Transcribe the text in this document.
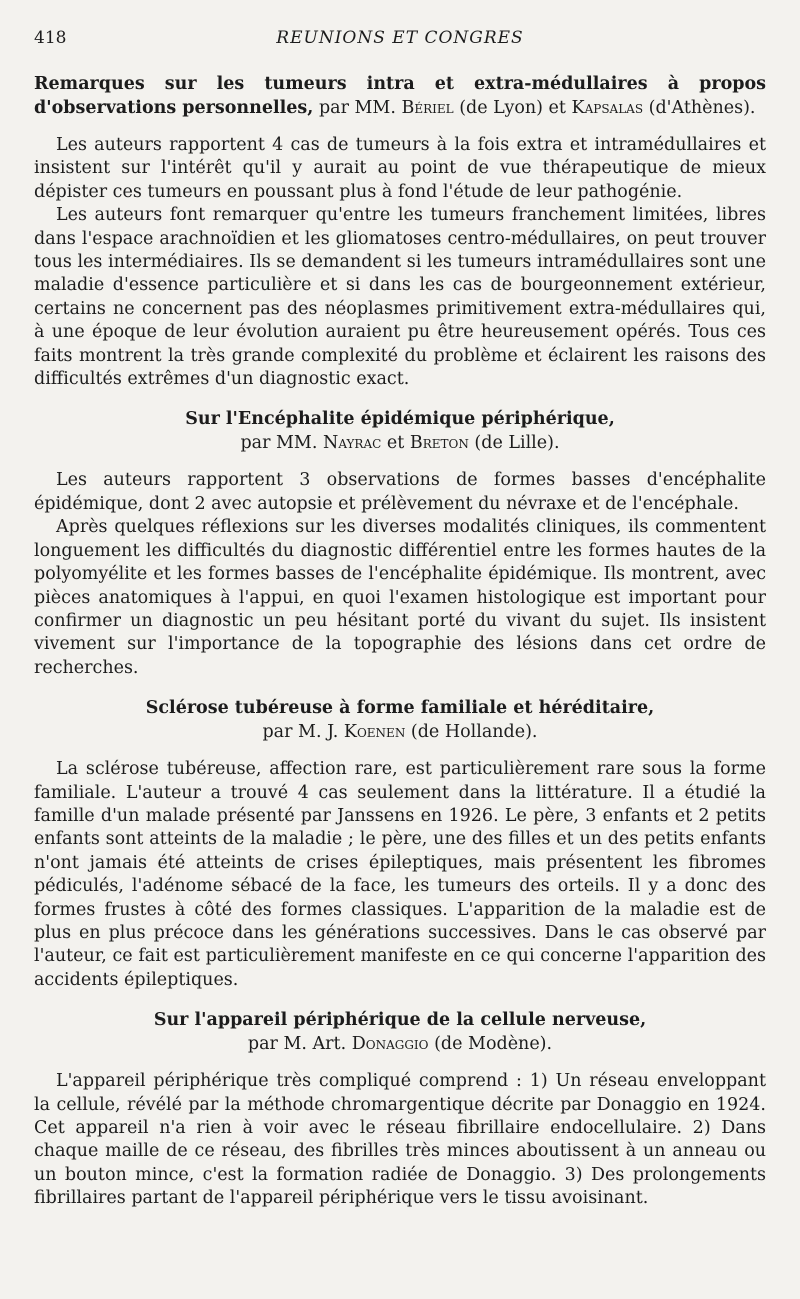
418	REUNIONS ET CONGRES
Remarques sur les tumeurs intra et extra-médullaires à propos d'observations personnelles, par MM. Bériel (de Lyon) et Kapsalas (d'Athènes).

Les auteurs rapportent 4 cas de tumeurs à la fois extra et intramédullaires et insistent sur l'intérêt qu'il y aurait au point de vue thérapeutique de mieux dépister ces tumeurs en poussant plus à fond l'étude de leur pathogénie.

Les auteurs font remarquer qu'entre les tumeurs franchement limitées, libres dans l'espace arachnoïdien et les gliomatoses centro-médullaires, on peut trouver tous les intermédiaires. Ils se demandent si les tumeurs intramédullaires sont une maladie d'essence particulière et si dans les cas de bourgeonnement extérieur, certains ne concernent pas des néoplasmes primitivement extra-médullaires qui, à une époque de leur évolution auraient pu être heureusement opérés. Tous ces faits montrent la très grande complexité du problème et éclairent les raisons des difficultés extrêmes d'un diagnostic exact.

Sur l'Encéphalite épidémique périphérique,
par MM. Nayrac et Breton (de Lille).

Les auteurs rapportent 3 observations de formes basses d'encéphalite épidémique, dont 2 avec autopsie et prélèvement du névraxe et de l'encéphale.

Après quelques réflexions sur les diverses modalités cliniques, ils commentent longuement les difficultés du diagnostic différentiel entre les formes hautes de la polyomyélite et les formes basses de l'encéphalite épidémique. Ils montrent, avec pièces anatomiques à l'appui, en quoi l'examen histologique est important pour confirmer un diagnostic un peu hésitant porté du vivant du sujet. Ils insistent vivement sur l'importance de la topographie des lésions dans cet ordre de recherches.

Sclérose tubéreuse à forme familiale et héréditaire,
par M. J. Koenen (de Hollande).

La sclérose tubéreuse, affection rare, est particulièrement rare sous la forme familiale. L'auteur a trouvé 4 cas seulement dans la littérature. Il a étudié la famille d'un malade présenté par Janssens en 1926. Le père, 3 enfants et 2 petits enfants sont atteints de la maladie ; le père, une des filles et un des petits enfants n'ont jamais été atteints de crises épileptiques, mais présentent les fibromes pédiculés, l'adénome sébacé de la face, les tumeurs des orteils. Il y a donc des formes frustes à côté des formes classiques. L'apparition de la maladie est de plus en plus précoce dans les générations successives. Dans le cas observé par l'auteur, ce fait est particulièrement manifeste en ce qui concerne l'apparition des accidents épileptiques.

Sur l'appareil périphérique de la cellule nerveuse,
par M. Art. Donaggio (de Modène).

L'appareil périphérique très compliqué comprend : 1) Un réseau enveloppant la cellule, révélé par la méthode chromargentique décrite par Donaggio en 1924. Cet appareil n'a rien à voir avec le réseau fibrillaire endocellulaire. 2) Dans chaque maille de ce réseau, des fibrilles très minces aboutissent à un anneau ou un bouton mince, c'est la formation radiée de Donaggio. 3) Des prolongements fibrillaires partant de l'appareil périphérique vers le tissu avoisinant.
